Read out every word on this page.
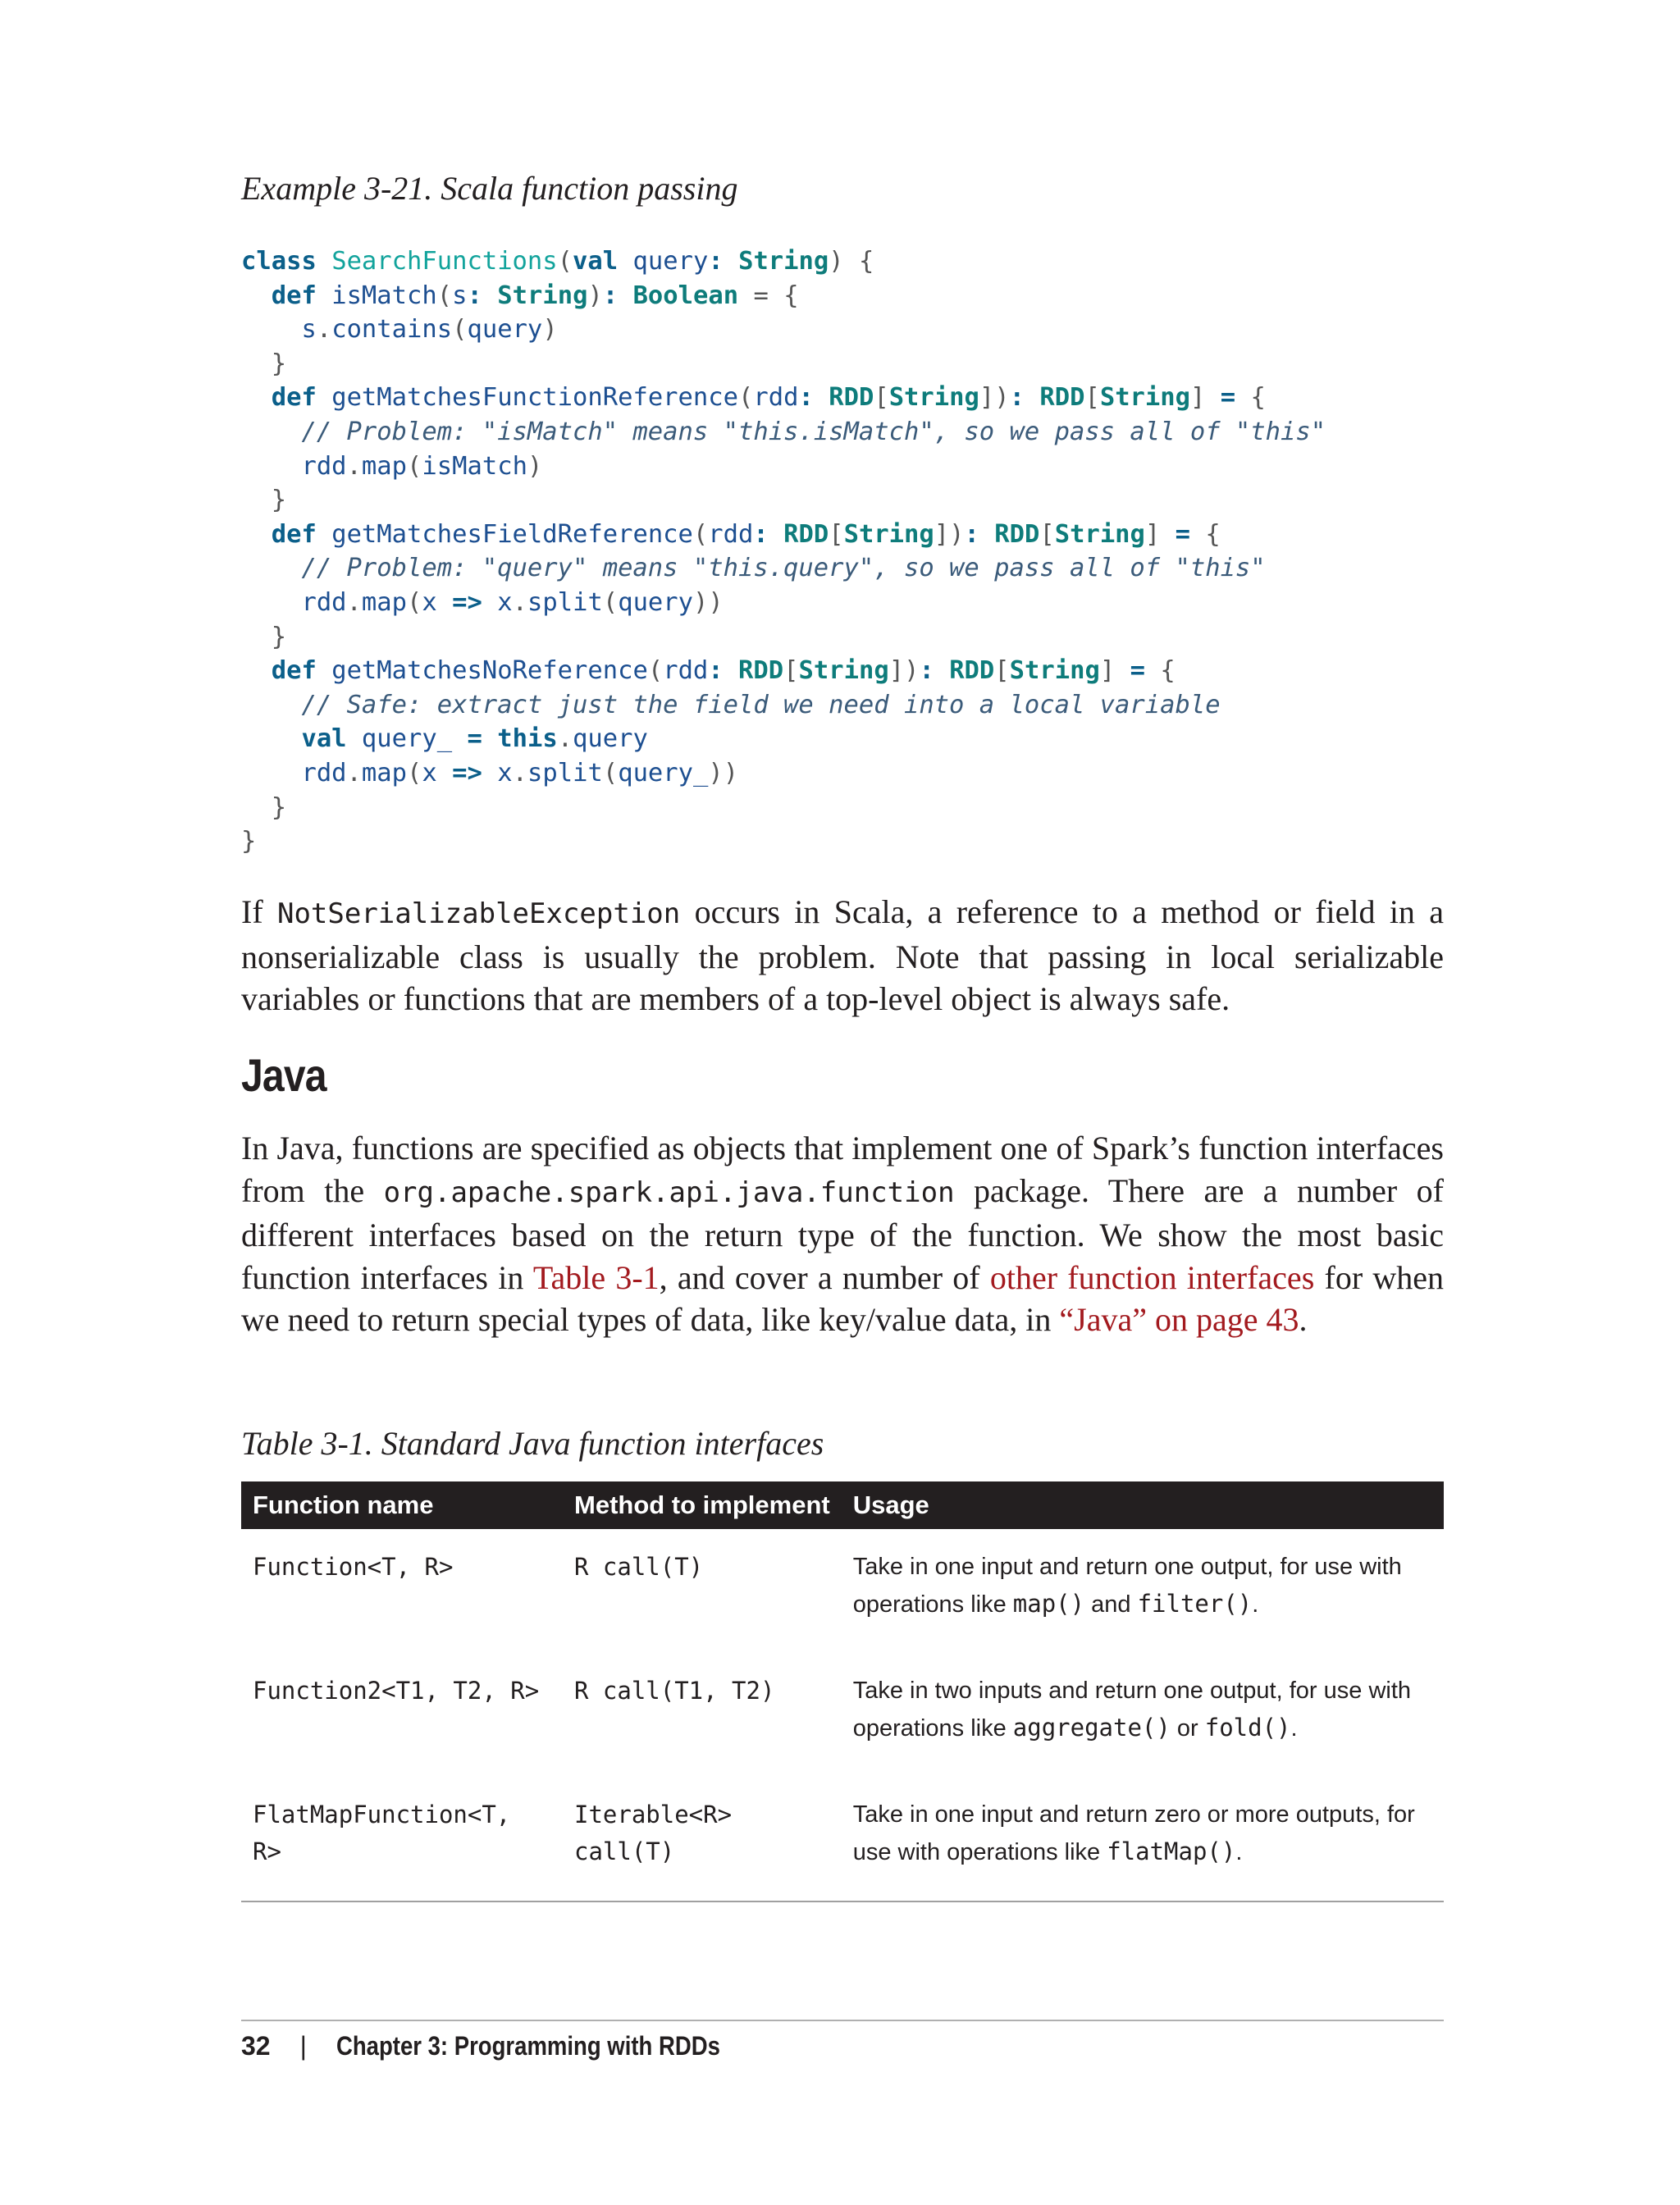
Example 3-21. Scala function passing

class SearchFunctions(val query: String) {
def isMatch(s: String): Boolean = {
s.contains(query)
}
def getMatchesFunctionReference(rdd: RDD[String]): RDD[String] = {
// Problem: "isMatch" means "this.isMatch", so we pass all of "this"
rdd.map(isMatch)
}
def getMatchesFieldReference(rdd: RDD[String]): RDD[String] = {
// Problem: "query" means "this.query", so we pass all of "this"
rdd.map(x => x.split(query))
}
def getMatchesNoReference(rdd: RDD[String]): RDD[String] = {
// Safe: extract just the field we need into a local variable
val query_ = this.query
rdd.map(x => x.split(query_))
}
}

If NotSerializableException occurs in Scala, a reference to a method or field in a nonserializable class is usually the problem. Note that passing in local serializable variables or functions that are members of a top-level object is always safe.

Java

In Java, functions are specified as objects that implement one of Spark’s function interfaces from the org.apache.spark.api.java.function package. There are a number of different interfaces based on the return type of the function. We show the most basic function interfaces in Table 3-1, and cover a number of other function interfaces for when we need to return special types of data, like key/value data, in “Java” on page 43.

Table 3-1. Standard Java function interfaces

Function name	Method to implement	Usage
Function<T, R>	R call(T)	Take in one input and return one output, for use with operations like map() and filter().
Function2<T1, T2, R>	R call(T1, T2)	Take in two inputs and return one output, for use with operations like aggregate() or fold().
FlatMapFunction<T, R>	Iterable<R> call(T)	Take in one input and return zero or more outputs, for use with operations like flatMap().
32 | Chapter 3: Programming with RDDs
